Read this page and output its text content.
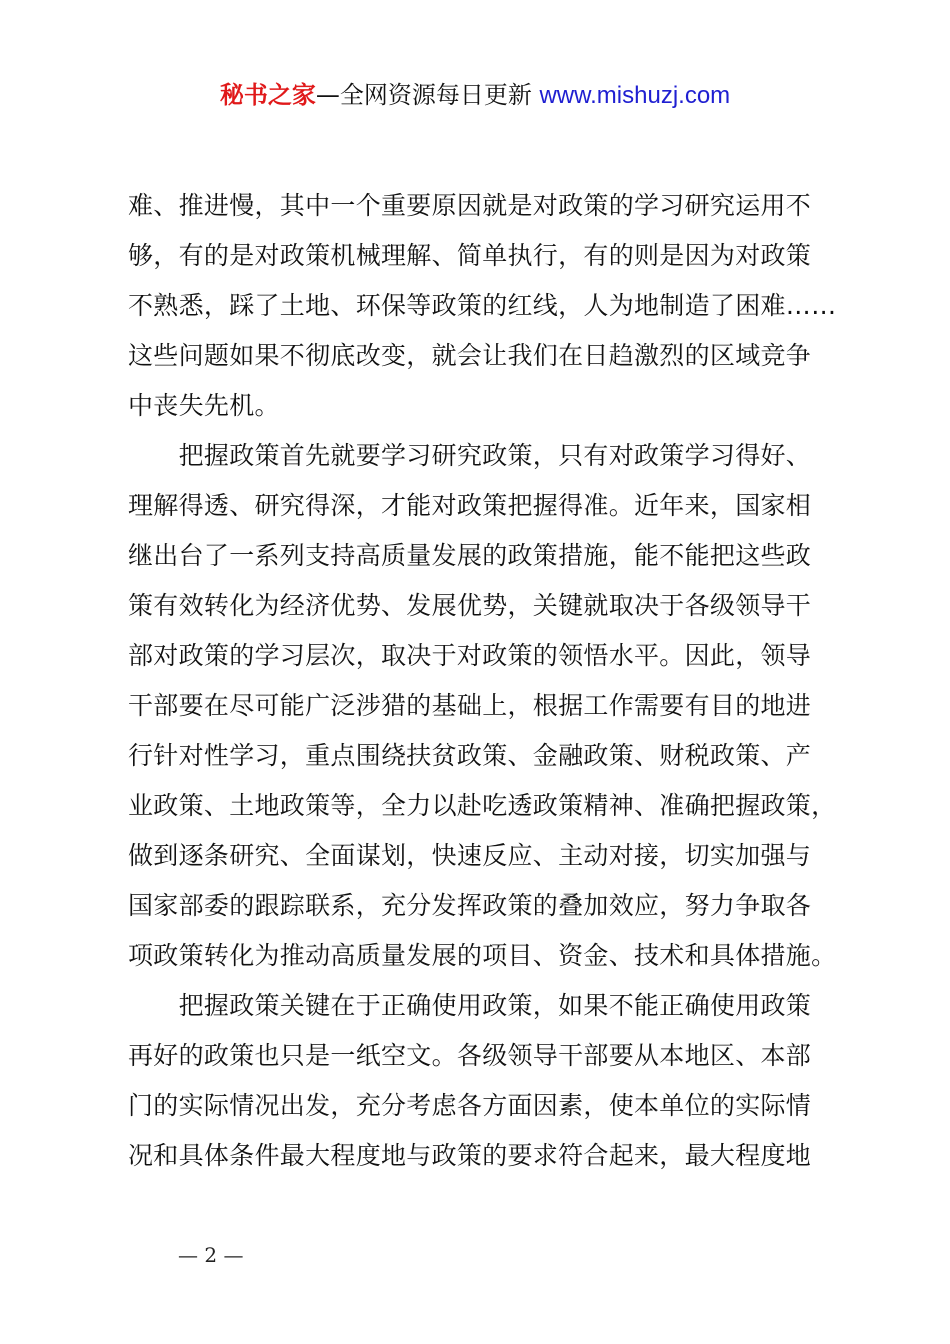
秘书之家—全网资源每日更新 www.mishuzj.com
难、推进慢，其中一个重要原因就是对政策的学习研究运用不
够，有的是对政策机械理解、简单执行，有的则是因为对政策
不熟悉，踩了土地、环保等政策的红线，人为地制造了困难……
这些问题如果不彻底改变，就会让我们在日趋激烈的区域竞争
中丧失先机。
　　把握政策首先就要学习研究政策，只有对政策学习得好、
理解得透、研究得深，才能对政策把握得准。近年来，国家相
继出台了一系列支持高质量发展的政策措施，能不能把这些政
策有效转化为经济优势、发展优势，关键就取决于各级领导干
部对政策的学习层次，取决于对政策的领悟水平。因此，领导
干部要在尽可能广泛涉猎的基础上，根据工作需要有目的地进
行针对性学习，重点围绕扶贫政策、金融政策、财税政策、产
业政策、土地政策等，全力以赴吃透政策精神、准确把握政策，
做到逐条研究、全面谋划，快速反应、主动对接，切实加强与
国家部委的跟踪联系，充分发挥政策的叠加效应，努力争取各
项政策转化为推动高质量发展的项目、资金、技术和具体措施。
　　把握政策关键在于正确使用政策，如果不能正确使用政策
再好的政策也只是一纸空文。各级领导干部要从本地区、本部
门的实际情况出发，充分考虑各方面因素，使本单位的实际情
况和具体条件最大程度地与政策的要求符合起来，最大程度地
— 2 —
